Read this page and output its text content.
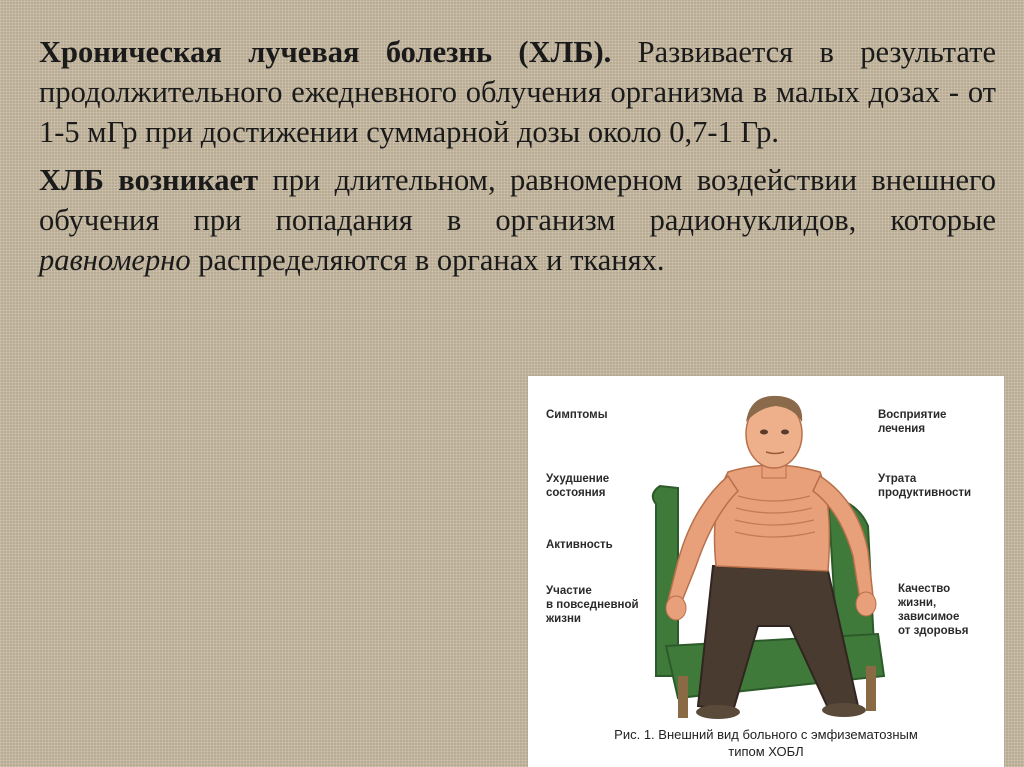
Хроническая лучевая болезнь (ХЛБ). Развивается в результате продолжительного ежедневного облучения организма в малых дозах - от 1-5 мГр при достижении суммарной дозы около 0,7-1 Гр.

ХЛБ возникает при длительном, равномерном воздействии внешнего обучения при попадания в организм радионуклидов, которые равномерно распределяются в органах и тканях.

Симптомы
Ухудшение
состояния
Активность
Участие
в повседневной
жизни
Восприятие
лечения
Утрата
продуктивности
Качество
жизни,
зависимое
от здоровья
Рис. 1. Внешний вид больного с эмфизематозным
типом ХОБЛ
